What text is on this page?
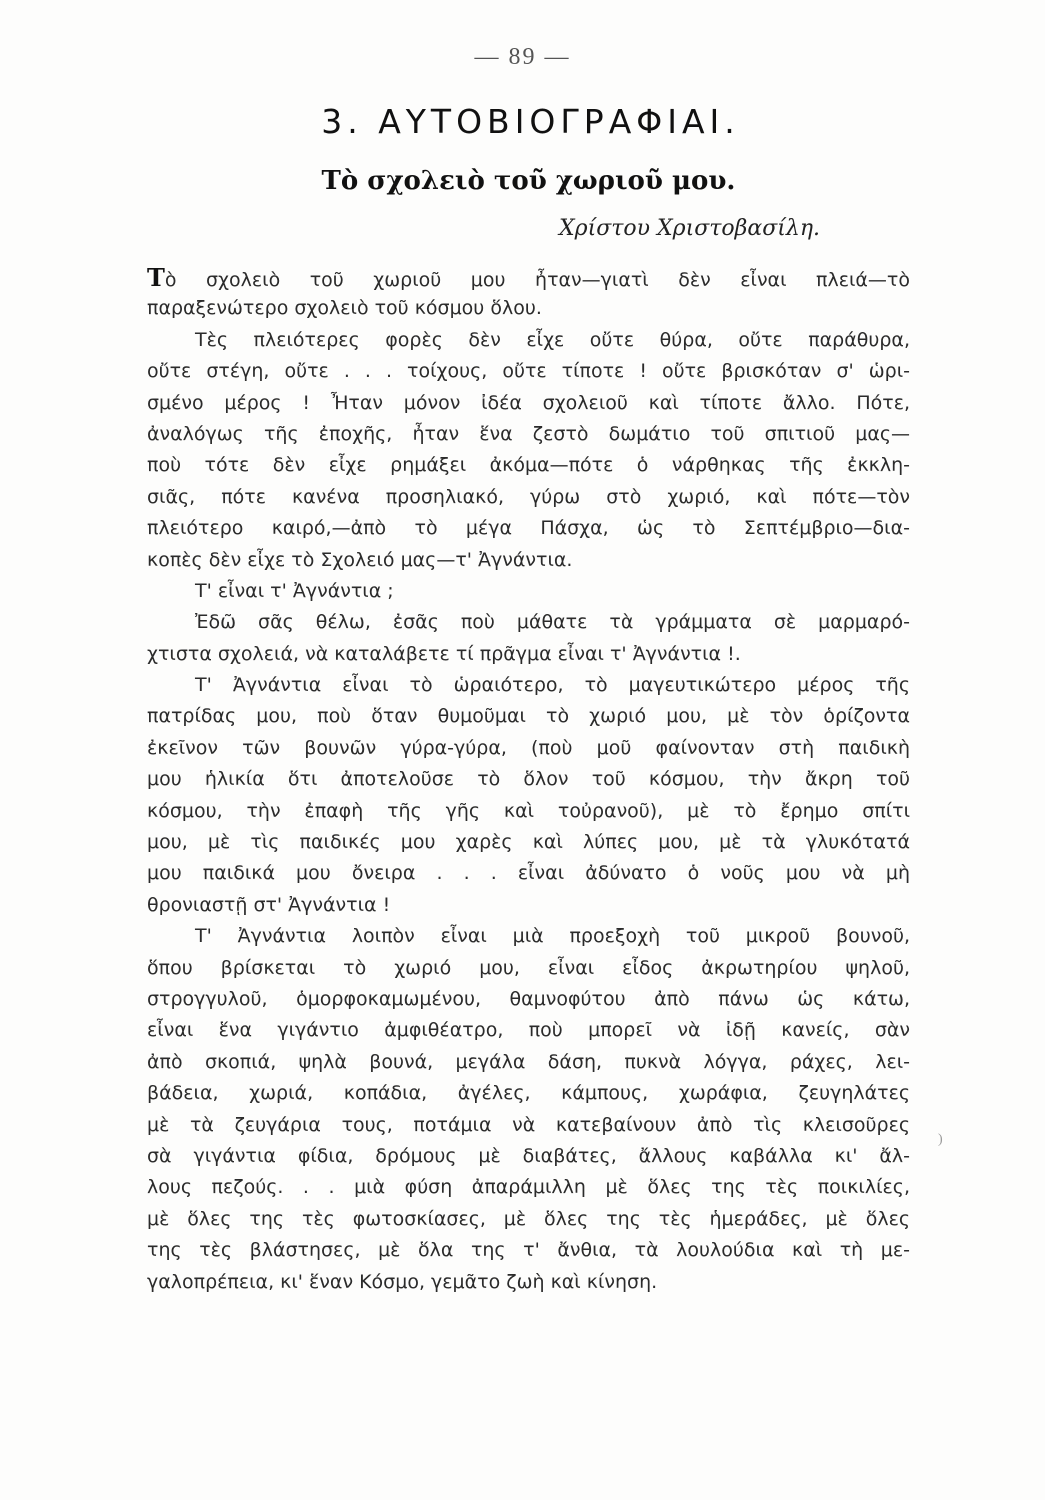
— 89 —
3. ΑΥΤΟΒΙΟΓΡΑΦΙΑΙ.
Τὸ σχολειὸ τοῦ χωριοῦ μου.
Χρίστου Χριστοβασίλη.
Τὸ σχολειὸ τοῦ χωριοῦ μου ἦταν—γιατὶ δὲν εἶναι πλειά—τὸ
παραξενώτερο σχολειὸ τοῦ κόσμου ὅλου.
Τὲς πλειότερες φορὲς δὲν εἶχε οὔτε θύρα, οὔτε παράθυρα,
οὔτε στέγη, οὔτε . . . τοίχους, οὔτε τίποτε ! οὔτε βρισκόταν σ' ὡρι-
σμένο μέρος ! Ἦταν μόνον ἰδέα σχολειοῦ καὶ τίποτε ἄλλο. Πότε,
ἀναλόγως τῆς ἐποχῆς, ἦταν ἕνα ζεστὸ δωμάτιο τοῦ σπιτιοῦ μας—
ποὺ τότε δὲν εἶχε ρημάξει ἀκόμα—πότε ὁ νάρθηκας τῆς ἐκκλη-
σιᾶς, πότε κανένα προσηλιακό, γύρω στὸ χωριό, καὶ πότε—τὸν
πλειότερο καιρό,—ἀπὸ τὸ μέγα Πάσχα, ὡς τὸ Σεπτέμβριο—δια-
κοπὲς δὲν εἶχε τὸ Σχολειό μας—τ' Ἀγνάντια.
Τ' εἶναι τ' Ἀγνάντια ;
Ἐδῶ σᾶς θέλω, ἐσᾶς ποὺ μάθατε τὰ γράμματα σὲ μαρμαρό-
χτιστα σχολειά, νὰ καταλάβετε τί πρᾶγμα εἶναι τ' Ἀγνάντια !.
Τ' Ἀγνάντια εἶναι τὸ ὡραιότερο, τὸ μαγευτικώτερο μέρος τῆς
πατρίδας μου, ποὺ ὅταν θυμοῦμαι τὸ χωριό μου, μὲ τὸν ὁρίζοντα
ἐκεῖνον τῶν βουνῶν γύρα-γύρα, (ποὺ μοῦ φαίνονταν στὴ παιδικὴ
μου ἡλικία ὅτι ἀποτελοῦσε τὸ ὅλον τοῦ κόσμου, τὴν ἄκρη τοῦ
κόσμου, τὴν ἐπαφὴ τῆς γῆς καὶ τοὐρανοῦ), μὲ τὸ ἔρημο σπίτι
μου, μὲ τὶς παιδικές μου χαρὲς καὶ λύπες μου, μὲ τὰ γλυκότατά
μου παιδικά μου ὄνειρα . . . εἶναι ἀδύνατο ὁ νοῦς μου νὰ μὴ
θρονιαστῇ στ' Ἀγνάντια !
Τ' Ἀγνάντια λοιπὸν εἶναι μιὰ προεξοχὴ τοῦ μικροῦ βουνοῦ,
ὅπου βρίσκεται τὸ χωριό μου, εἶναι εἶδος ἀκρωτηρίου ψηλοῦ,
στρογγυλοῦ, ὁμορφοκαμωμένου, θαμνοφύτου ἀπὸ πάνω ὡς κάτω,
εἶναι ἕνα γιγάντιο ἀμφιθέατρο, ποὺ μπορεῖ νὰ ἰδῇ κανείς, σὰν
ἀπὸ σκοπιά, ψηλὰ βουνά, μεγάλα δάση, πυκνὰ λόγγα, ράχες, λει-
βάδεια, χωριά, κοπάδια, ἀγέλες, κάμπους, χωράφια, ζευγηλάτες
μὲ τὰ ζευγάρια τους, ποτάμια νὰ κατεβαίνουν ἀπὸ τὶς κλεισοῦρες
σὰ γιγάντια φίδια, δρόμους μὲ διαβάτες, ἄλλους καβάλλα κι' ἄλ-
λους πεζούς. . . μιὰ φύση ἀπαράμιλλη μὲ ὅλες της τὲς ποικιλίες,
μὲ ὅλες της τὲς φωτοσκίασες, μὲ ὅλες της τὲς ἡμεράδες, μὲ ὅλες
της τὲς βλάστησες, μὲ ὅλα της τ' ἄνθια, τὰ λουλούδια καὶ τὴ με-
γαλοπρέπεια, κι' ἕναν Κόσμο, γεμᾶτο ζωὴ καὶ κίνηση.
)
